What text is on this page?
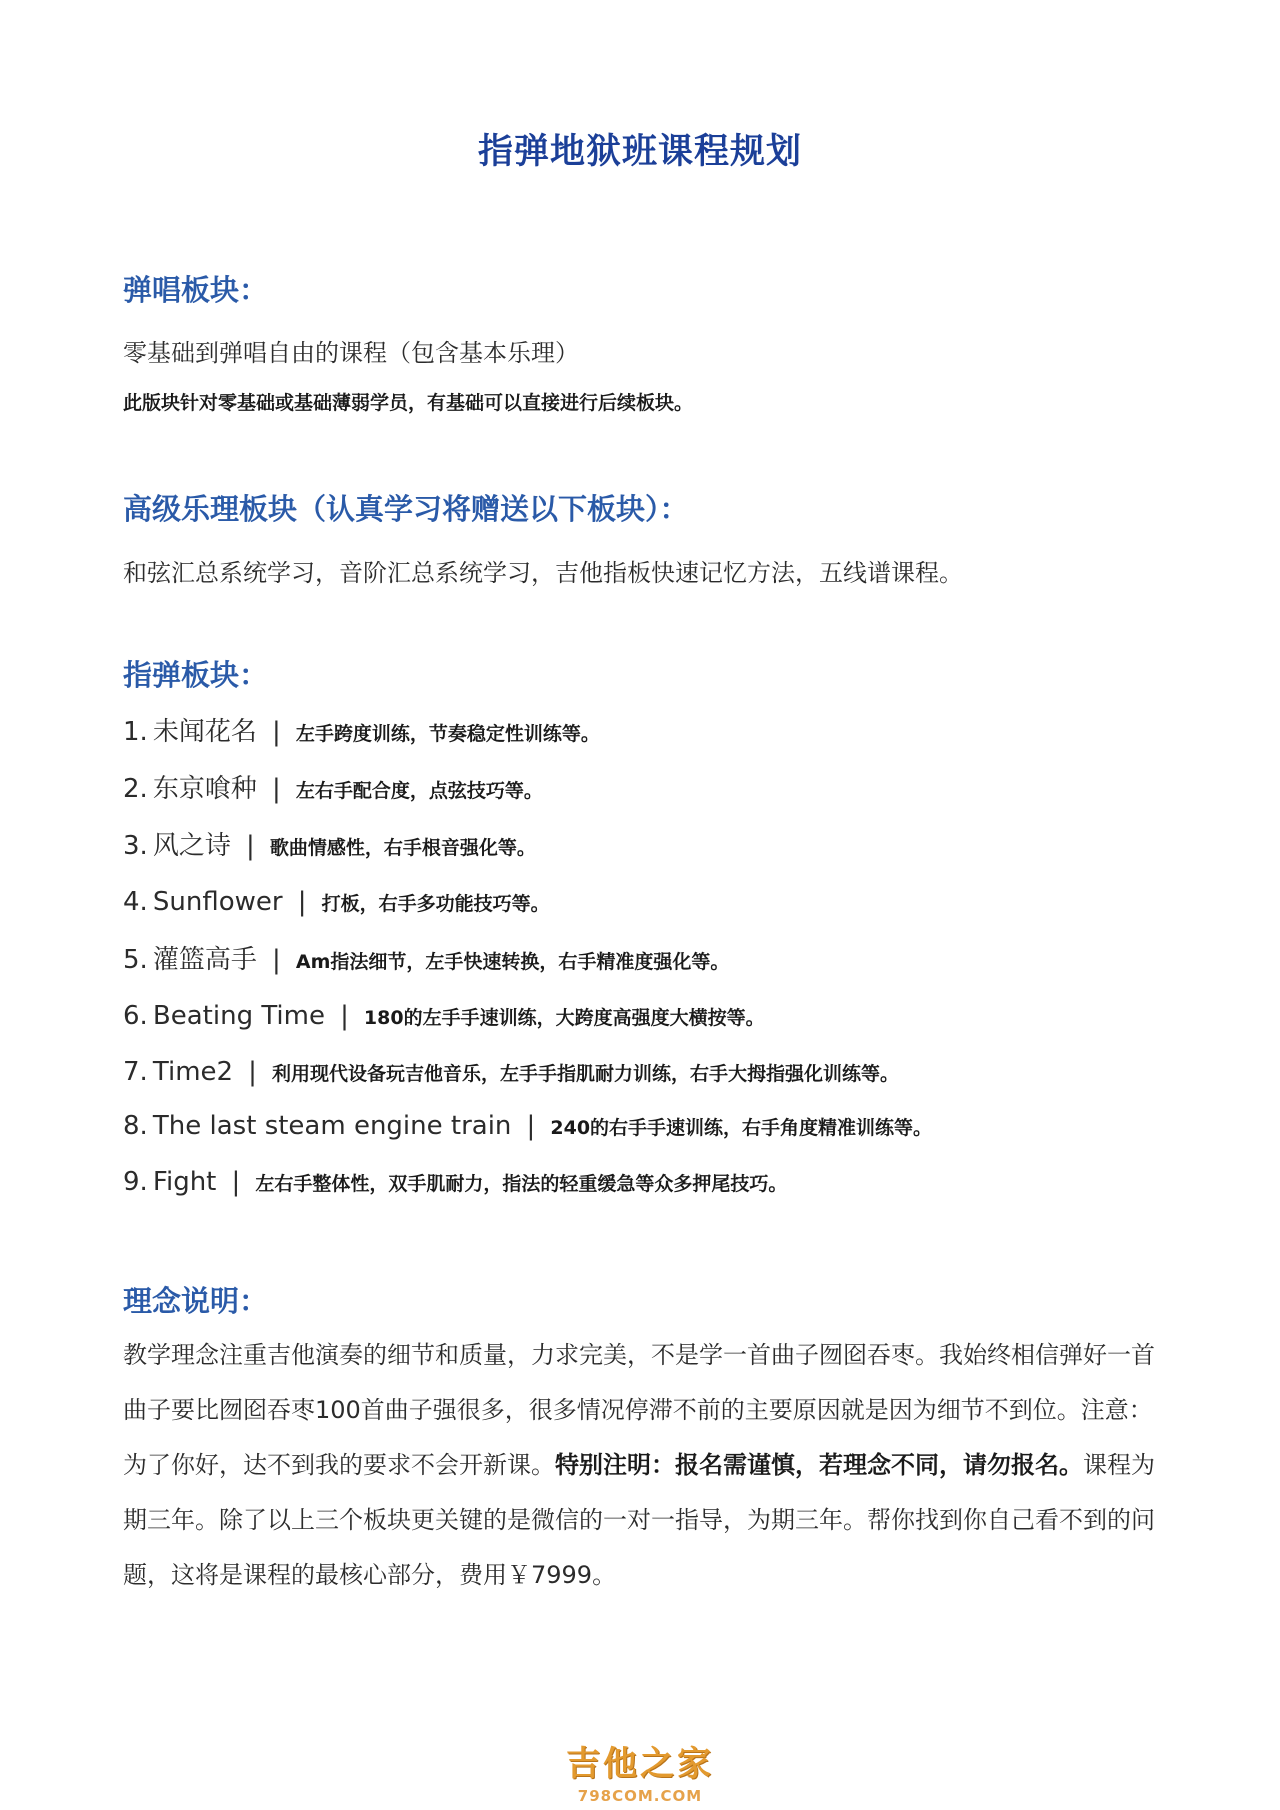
指弹地狱班课程规划
弹唱板块：
零基础到弹唱自由的课程（包含基本乐理）
此版块针对零基础或基础薄弱学员，有基础可以直接进行后续板块。
高级乐理板块（认真学习将赠送以下板块）：
和弦汇总系统学习，音阶汇总系统学习，吉他指板快速记忆方法，五线谱课程。
指弹板块：
1. 未闻花名 | 左手跨度训练，节奏稳定性训练等。
2. 东京喰种 | 左右手配合度，点弦技巧等。
3. 风之诗 | 歌曲情感性，右手根音强化等。
4. Sunflower | 打板，右手多功能技巧等。
5. 灌篮高手 | Am指法细节，左手快速转换，右手精准度强化等。
6. Beating Time | 180的左手手速训练，大跨度高强度大横按等。
7. Time2 | 利用现代设备玩吉他音乐，左手手指肌耐力训练，右手大拇指强化训练等。
8. The last steam engine train | 240的右手手速训练，右手角度精准训练等。
9. Fight | 左右手整体性，双手肌耐力，指法的轻重缓急等众多押尾技巧。
理念说明：

教学理念注重吉他演奏的细节和质量，力求完美，不是学一首曲子囫囵吞枣。我始终相信弹好一首曲子要比囫囵吞枣100首曲子强很多，很多情况停滞不前的主要原因就是因为细节不到位。注意：为了你好，达不到我的要求不会开新课。特别注明：报名需谨慎，若理念不同，请勿报名。课程为期三年。除了以上三个板块更关键的是微信的一对一指导，为期三年。帮你找到你自己看不到的问题，这将是课程的最核心部分，费用￥7999。

吉他之家
798COM.COM
